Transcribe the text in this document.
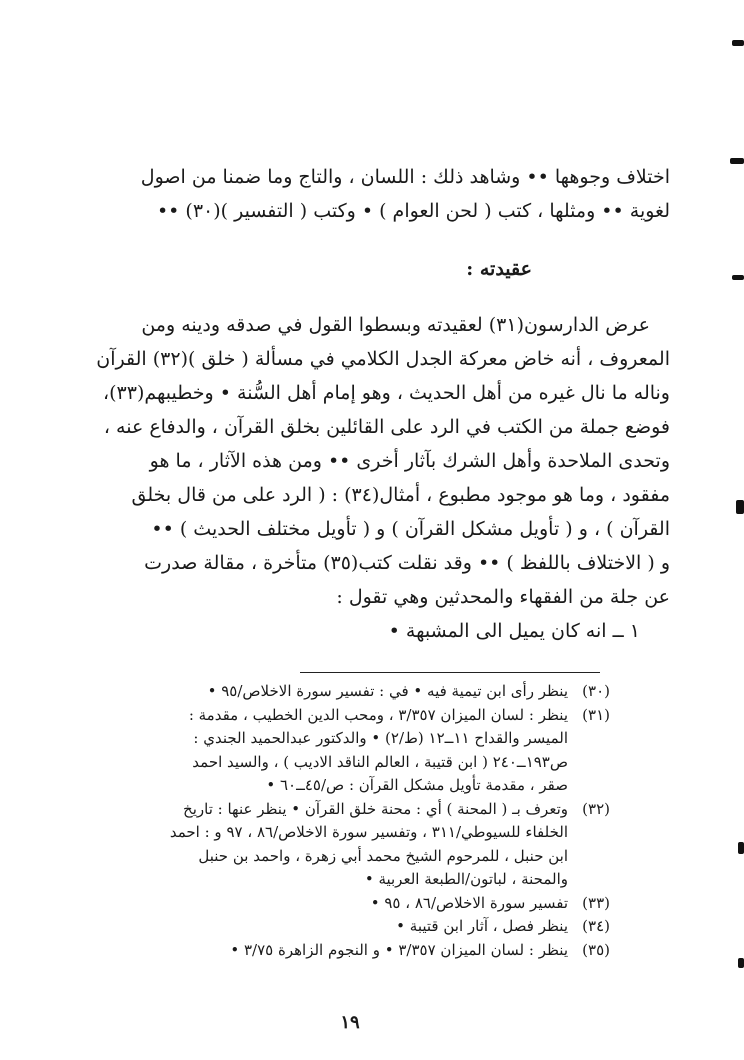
اختلاف وجوهها •• وشاهد ذلك : اللسان ، والتاج وما ضمنا من اصول
لغوية •• ومثلها ، كتب ( لحن العوام ) • وكتب ( التفسير )(٣٠) ••
عقيدته :
عرض الدارسون(٣١) لعقيدته وبسطوا القول في صدقه ودينه ومن
المعروف ، أنه خاض معركة الجدل الكلامي في مسألة ( خلق )(٣٢) القرآن
وناله ما نال غيره من أهل الحديث ، وهو إمام أهل السُّنة • وخطيبهم(٣٣)،
فوضع جملة من الكتب في الرد على القائلين بخلق القرآن ، والدفاع عنه ،
وتحدى الملاحدة وأهل الشرك بآثار أخرى •• ومن هذه الآثار ، ما هو
مفقود ، وما هو موجود مطبوع ، أمثال(٣٤) : ( الرد على من قال بخلق
القرآن ) ، و ( تأويل مشكل القرآن ) و ( تأويل مختلف الحديث ) ••
و ( الاختلاف باللفظ ) •• وقد نقلت كتب(٣٥) متأخرة ، مقالة صدرت
عن جلة من الفقهاء والمحدثين وهي تقول :
١ ــ انه كان يميل الى المشبهة •
(٣٠)ينظر رأى ابن تيمية فيه • في : تفسير سورة الاخلاص/٩٥ •
(٣١)ينظر : لسان الميزان ٣/٣٥٧ ، ومحب الدين الخطيب ، مقدمة :
الميسر والقداح ١١ــ١٢ (ط/٢) • والدكتور عبدالحميد الجندي :
ص١٩٣ــ٢٤٠ ( ابن قتيبة ، العالم الناقد الاديب ) ، والسيد احمد
صقر ، مقدمة تأويل مشكل القرآن : ص/٤٥ــ٦٠ •
(٣٢)وتعرف بـ ( المحنة ) أي : محنة خلق القرآن • ينظر عنها : تاريخ
الخلفاء للسيوطي/٣١١ ، وتفسير سورة الاخلاص/٨٦ ، ٩٧ و : احمد
ابن حنبل ، للمرحوم الشيخ محمد أبي زهرة ، واحمد بن حنبل
والمحنة ، لباتون/الطبعة العربية •
(٣٣)تفسير سورة الاخلاص/٨٦ ، ٩٥ •
(٣٤)ينظر فصل ، آثار ابن قتيبة •
(٣٥)ينظر : لسان الميزان ٣/٣٥٧ • و النجوم الزاهرة ٣/٧٥ •
١٩
